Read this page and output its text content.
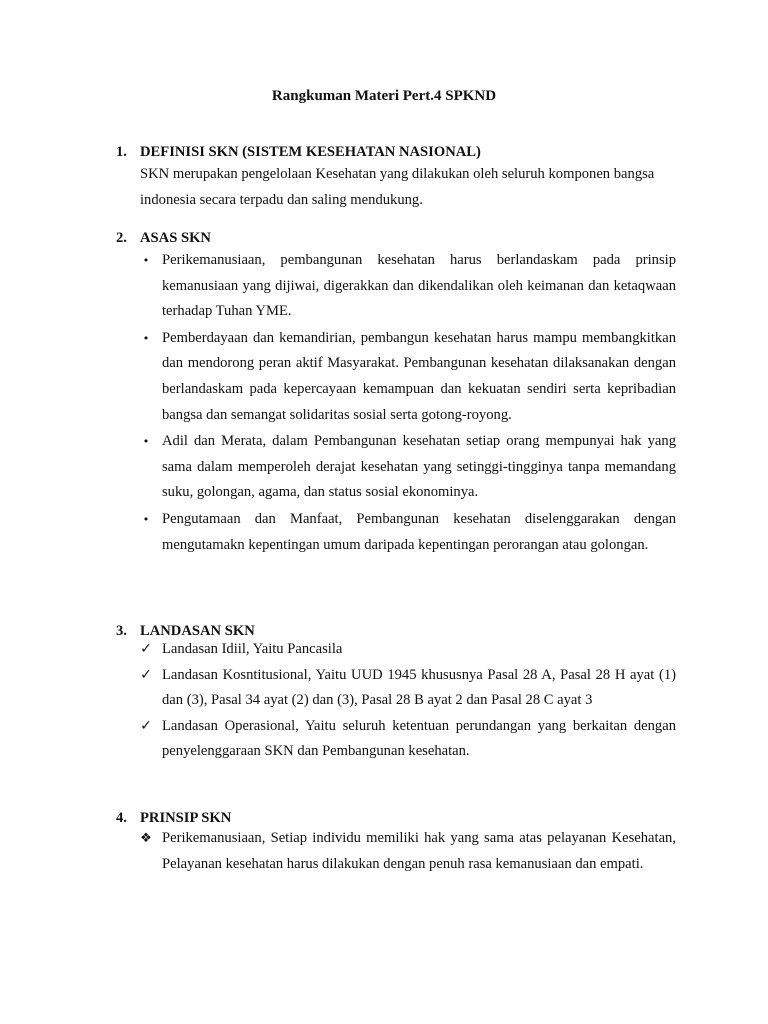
Rangkuman Materi Pert.4 SPKND
1. DEFINISI SKN (SISTEM KESEHATAN NASIONAL)
SKN merupakan pengelolaan Kesehatan yang dilakukan oleh seluruh komponen bangsa indonesia secara terpadu dan saling mendukung.
2. ASAS SKN
• Perikemanusiaan, pembangunan kesehatan harus berlandaskam pada prinsip kemanusiaan yang dijiwai, digerakkan dan dikendalikan oleh keimanan dan ketaqwaan terhadap Tuhan YME.
• Pemberdayaan dan kemandirian, pembangun kesehatan harus mampu membangkitkan dan mendorong peran aktif Masyarakat. Pembangunan kesehatan dilaksanakan dengan berlandaskam pada kepercayaan kemampuan dan kekuatan sendiri serta kepribadian bangsa dan semangat solidaritas sosial serta gotong-royong.
• Adil dan Merata, dalam Pembangunan kesehatan setiap orang mempunyai hak yang sama dalam memperoleh derajat kesehatan yang setinggi-tingginya tanpa memandang suku, golongan, agama, dan status sosial ekonominya.
• Pengutamaan dan Manfaat, Pembangunan kesehatan diselenggarakan dengan mengutamakn kepentingan umum daripada kepentingan perorangan atau golongan.
3. LANDASAN SKN
✓ Landasan Idiil, Yaitu Pancasila
✓ Landasan Kosntitusional, Yaitu UUD 1945 khususnya Pasal 28 A, Pasal 28 H ayat (1) dan (3), Pasal 34 ayat (2) dan (3), Pasal 28 B ayat 2 dan Pasal 28 C ayat 3
✓ Landasan Operasional, Yaitu seluruh ketentuan perundangan yang berkaitan dengan penyelenggaraan SKN dan Pembangunan kesehatan.
4. PRINSIP SKN
❖ Perikemanusiaan, Setiap individu memiliki hak yang sama atas pelayanan Kesehatan, Pelayanan kesehatan harus dilakukan dengan penuh rasa kemanusiaan dan empati.
